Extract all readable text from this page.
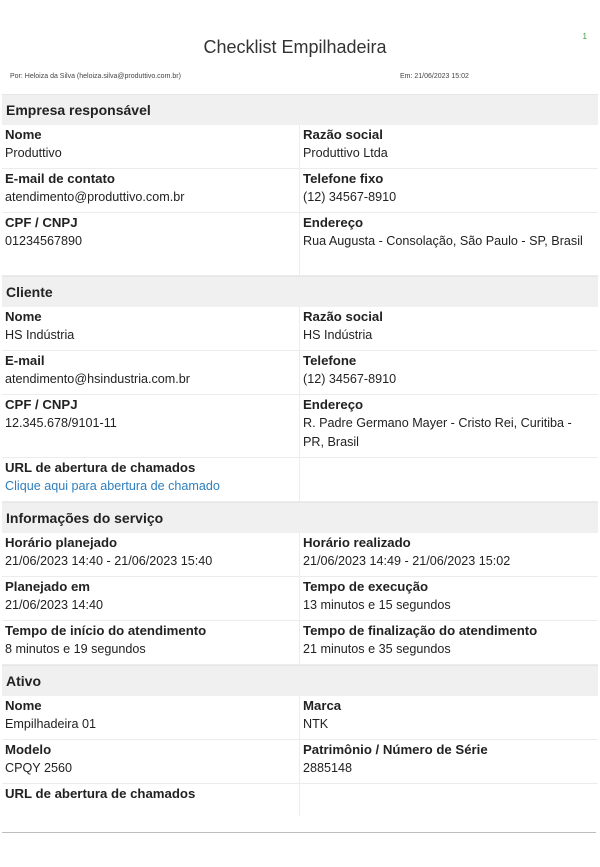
1
Checklist Empilhadeira
Por: Heloiza da Silva (heloiza.silva@produttivo.com.br)	Em: 21/06/2023 15:02
Empresa responsável
Nome
Produttivo
Razão social
Produttivo Ltda
E-mail de contato
atendimento@produttivo.com.br
Telefone fixo
(12) 34567-8910
CPF / CNPJ
01234567890
Endereço
Rua Augusta - Consolação, São Paulo - SP, Brasil
Cliente
Nome
HS Indústria
Razão social
HS Indústria
E-mail
atendimento@hsindustria.com.br
Telefone
(12) 34567-8910
CPF / CNPJ
12.345.678/9101-11
Endereço
R. Padre Germano Mayer - Cristo Rei, Curitiba - PR, Brasil
URL de abertura de chamados
Clique aqui para abertura de chamado
Informações do serviço
Horário planejado
21/06/2023 14:40 - 21/06/2023 15:40
Horário realizado
21/06/2023 14:49 - 21/06/2023 15:02
Planejado em
21/06/2023 14:40
Tempo de execução
13 minutos e 15 segundos
Tempo de início do atendimento
8 minutos e 19 segundos
Tempo de finalização do atendimento
21 minutos e 35 segundos
Ativo
Nome
Empilhadeira 01
Marca
NTK
Modelo
CPQY 2560
Patrimônio / Número de Série
2885148
URL de abertura de chamados
